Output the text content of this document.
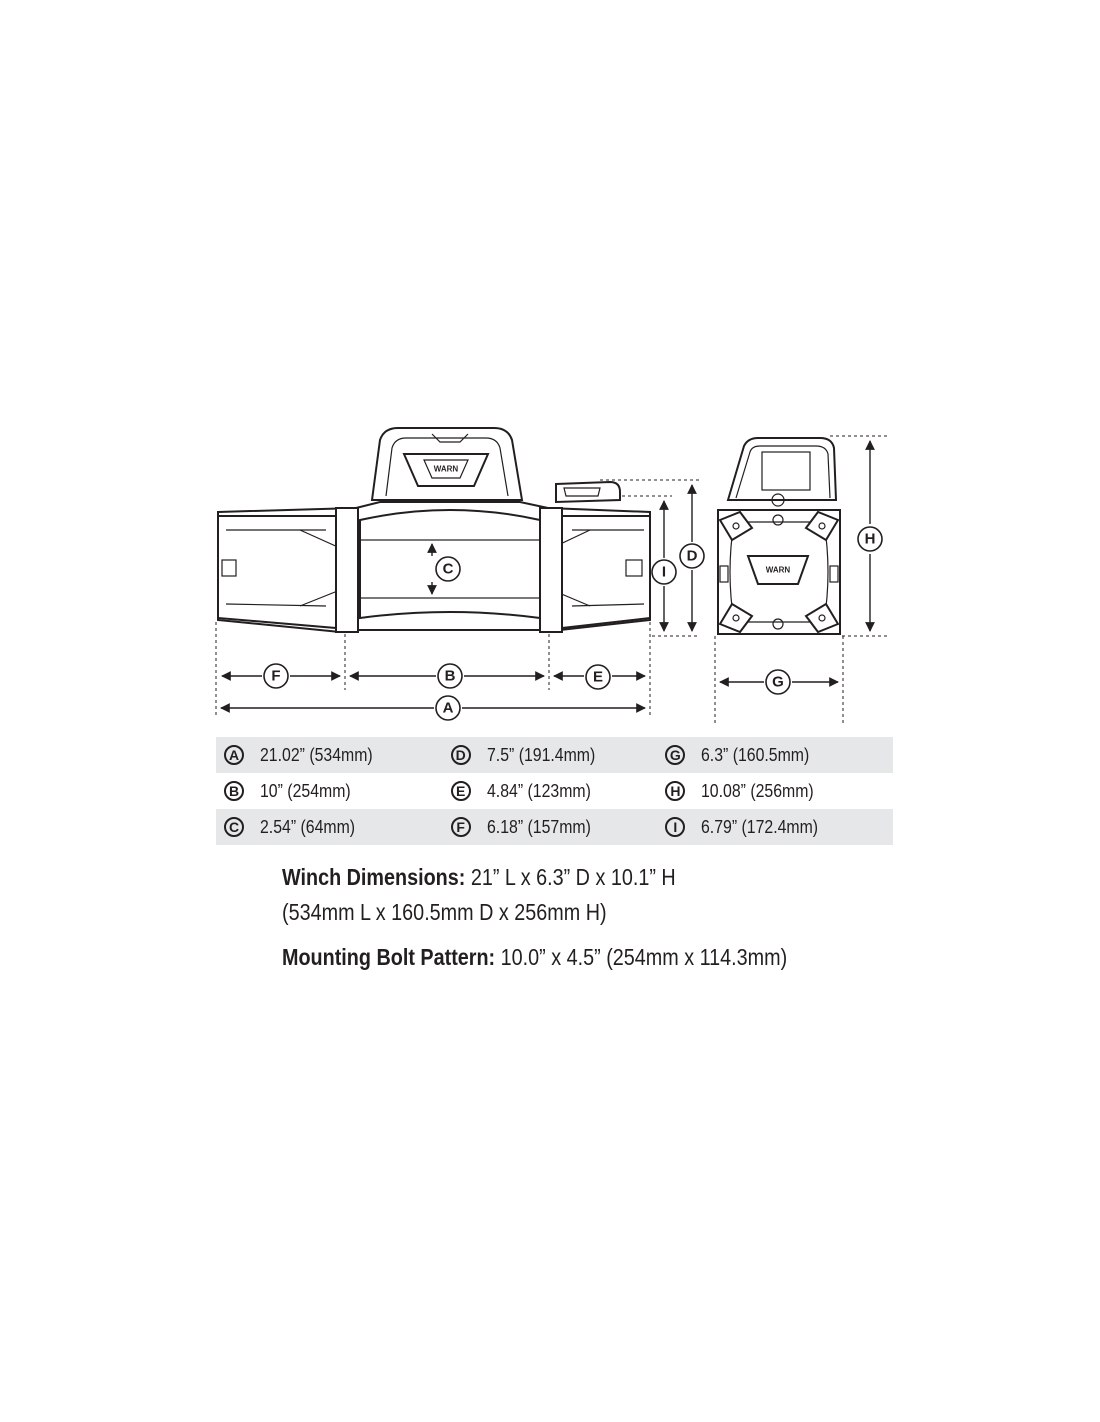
WARN
WARN
F	B	E
A
G
C	I
D
H
A 21.02” (534mm)	D 7.5” (191.4mm)	G 6.3” (160.5mm)
B 10” (254mm)	E 4.84” (123mm)	H 10.08” (256mm)
C 2.54” (64mm)	F	6.18” (157mm)	I	6.79” (172.4mm)
Winch Dimensions: 21” L x 6.3” D x 10.1” H
(534mm L x 160.5mm D x 256mm H)
Mounting Bolt Pattern: 10.0” x 4.5” (254mm x 114.3mm)
